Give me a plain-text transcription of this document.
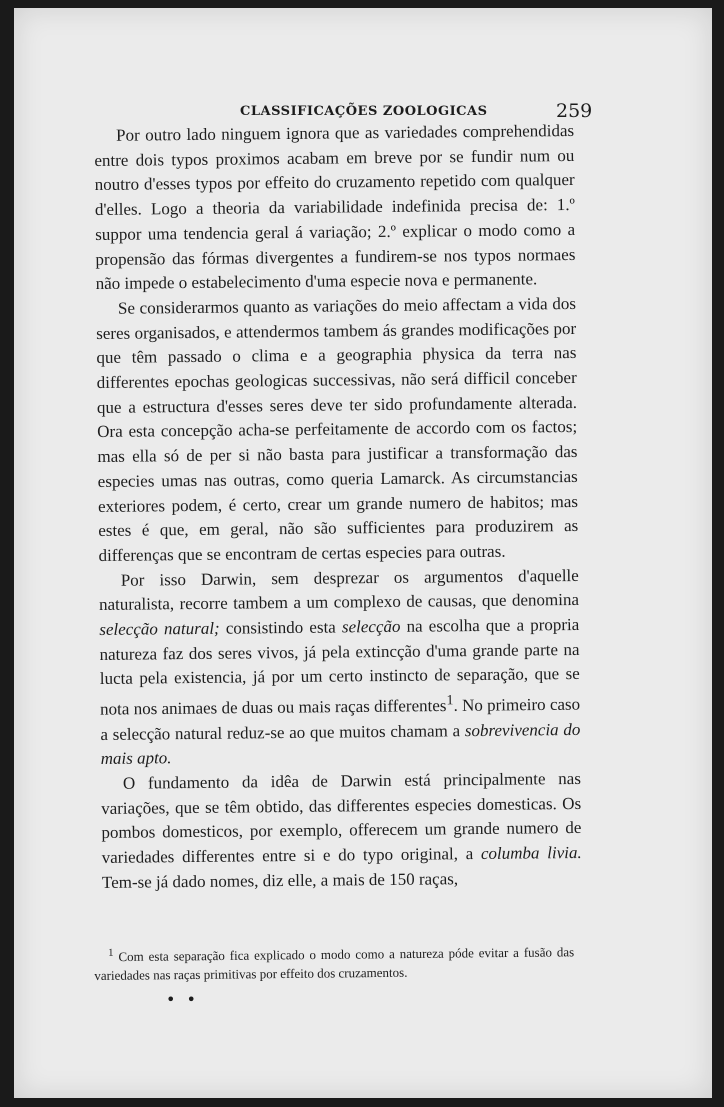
CLASSIFICAÇÕES ZOOLOGICAS	259

Por outro lado ninguem ignora que as variedades comprehendidas entre dois typos proximos acabam em breve por se fundir num ou noutro d'esses typos por effeito do cruzamento repetido com qualquer d'elles. Logo a theoria da variabilidade indefinida precisa de: 1.º suppor uma tendencia geral á variação; 2.º explicar o modo como a propensão das fórmas divergentes a fundirem-se nos typos normaes não impede o estabelecimento d'uma especie nova e permanente.

Se considerarmos quanto as variações do meio affectam a vida dos seres organisados, e attendermos tambem ás grandes modificações por que têm passado o clima e a geographia physica da terra nas differentes epochas geologicas successivas, não será difficil conceber que a estructura d'esses seres deve ter sido profundamente alterada. Ora esta concepção acha-se perfeitamente de accordo com os factos; mas ella só de per si não basta para justificar a transformação das especies umas nas outras, como queria Lamarck. As circumstancias exteriores podem, é certo, crear um grande numero de habitos; mas estes é que, em geral, não são sufficientes para produzirem as differenças que se encontram de certas especies para outras.

Por isso Darwin, sem desprezar os argumentos d'aquelle naturalista, recorre tambem a um complexo de causas, que denomina selecção natural; consistindo esta selecção na escolha que a propria natureza faz dos seres vivos, já pela extincção d'uma grande parte na lucta pela existencia, já por um certo instincto de separação, que se nota nos animaes de duas ou mais raças differentes$^1$. No primeiro caso a selecção natural reduz-se ao que muitos chamam a sobrevivencia do mais apto.

O fundamento da idêa de Darwin está principalmente nas variações, que se têm obtido, das differentes especies domesticas. Os pombos domesticos, por exemplo, offerecem um grande numero de variedades differentes entre si e do typo original, a columba livia. Tem-se já dado nomes, diz elle, a mais de 150 raças,

$^1$ Com esta separação fica explicado o modo como a natureza póde evitar a fusão das variedades nas raças primitivas por effeito dos cruzamentos.

• •
